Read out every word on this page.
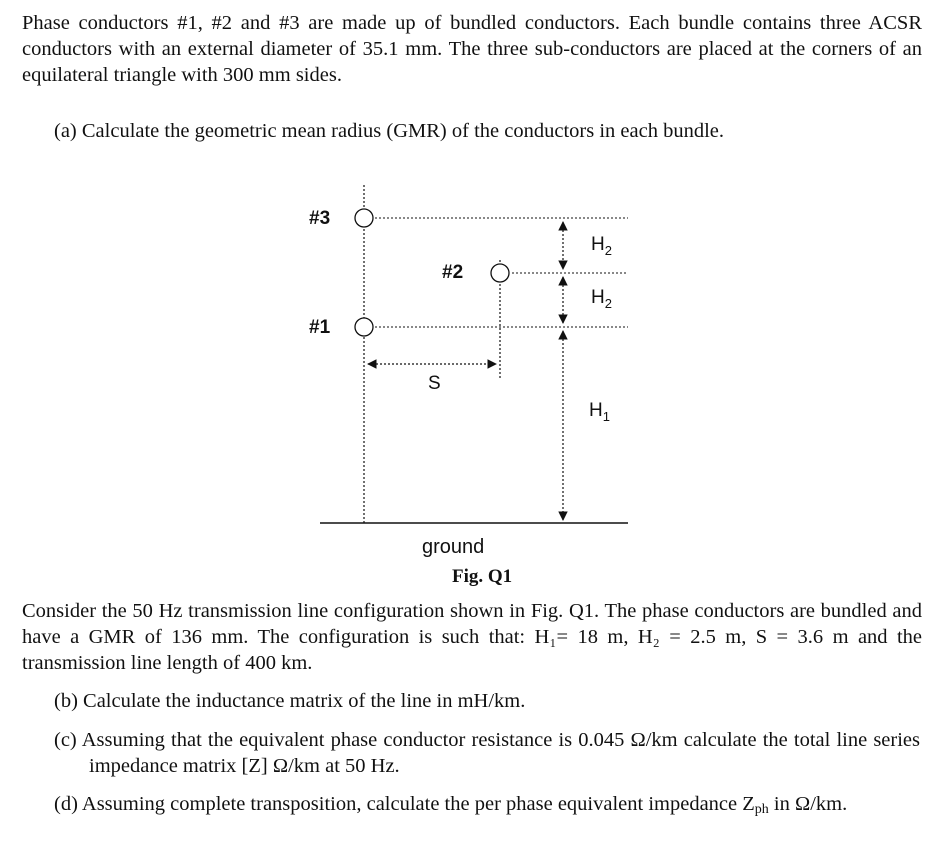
Phase conductors #1, #2 and #3 are made up of bundled conductors. Each bundle contains three ACSR conductors with an external diameter of 35.1 mm. The three sub-conductors are placed at the corners of an equilateral triangle with 300 mm sides.

(a) Calculate the geometric mean radius (GMR) of the conductors in each bundle.

#3
#2
#1
$H_2$
$H_2$
$H_1$
S
ground
Fig. Q1

Consider the 50 Hz transmission line configuration shown in Fig. Q1. The phase conductors are bundled and have a GMR of 136 mm. The configuration is such that: H₁= 18 m, H₂ = 2.5 m, S = 3.6 m and the transmission line length of 400 km.

(b) Calculate the inductance matrix of the line in mH/km.

(c) Assuming that the equivalent phase conductor resistance is 0.045 Ω/km calculate the total line series impedance matrix [Z] Ω/km at 50 Hz.

(d) Assuming complete transposition, calculate the per phase equivalent impedance $Z_{ph}$ in Ω/km.
